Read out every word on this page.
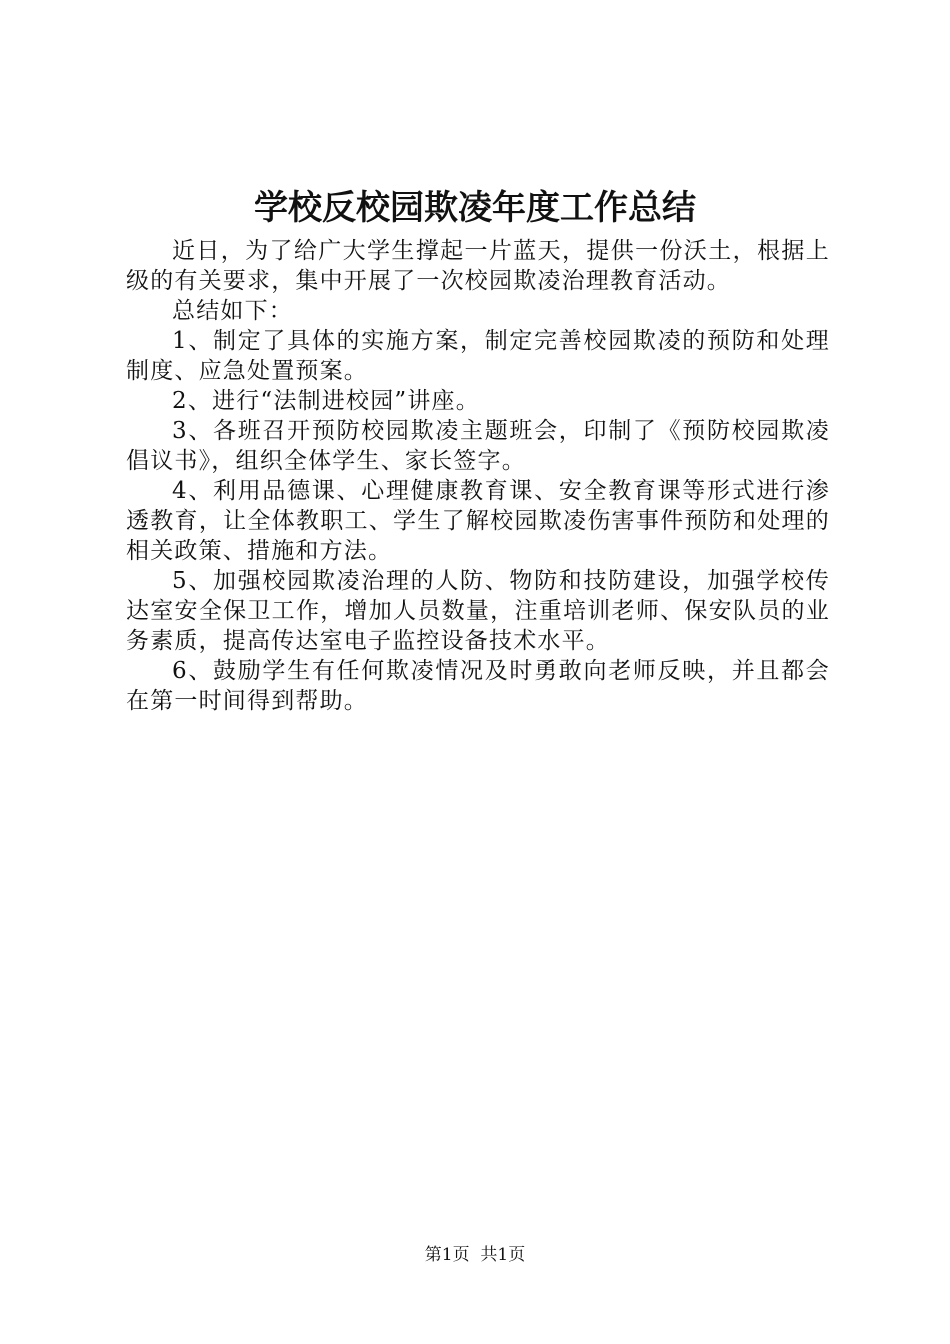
学校反校园欺凌年度工作总结

近日，为了给广大学生撑起一片蓝天，提供一份沃土，根据上级的有关要求，集中开展了一次校园欺凌治理教育活动。

总结如下：

1、制定了具体的实施方案，制定完善校园欺凌的预防和处理制度、应急处置预案。

2、进行“法制进校园”讲座。

3、各班召开预防校园欺凌主题班会，印制了《预防校园欺凌倡议书》，组织全体学生、家长签字。

4、利用品德课、心理健康教育课、安全教育课等形式进行渗透教育，让全体教职工、学生了解校园欺凌伤害事件预防和处理的相关政策、措施和方法。

5、加强校园欺凌治理的人防、物防和技防建设，加强学校传达室安全保卫工作，增加人员数量，注重培训老师、保安队员的业务素质，提高传达室电子监控设备技术水平。

6、鼓励学生有任何欺凌情况及时勇敢向老师反映，并且都会在第一时间得到帮助。

第1页 共1页
